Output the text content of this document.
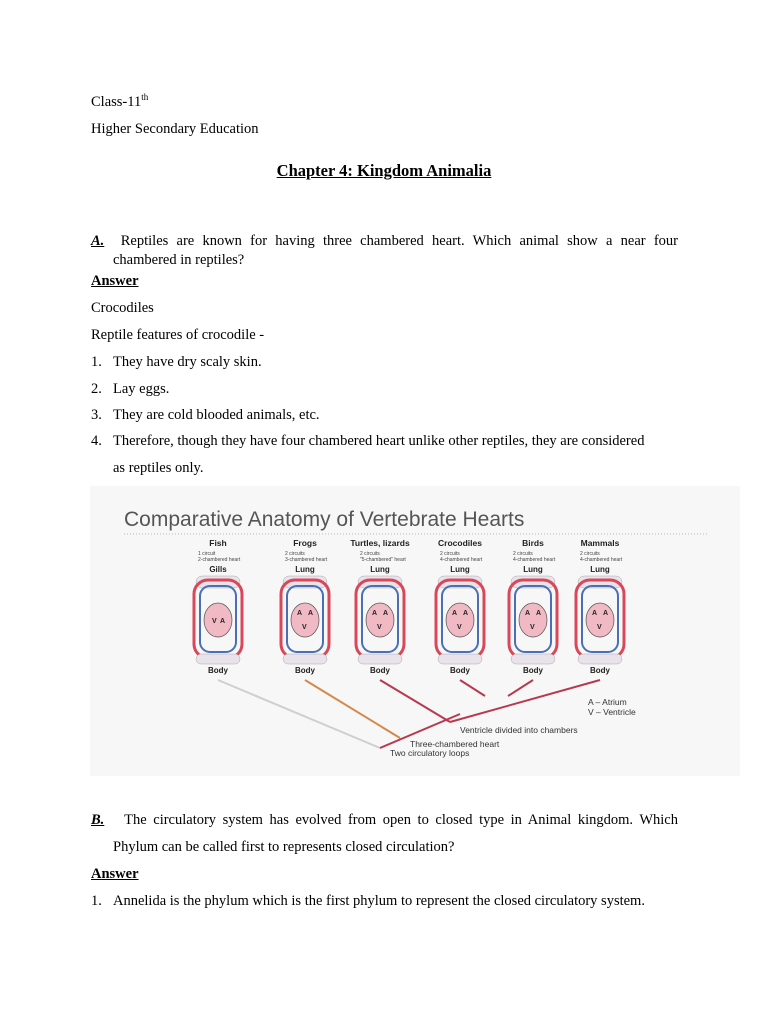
Class-11th
Higher Secondary Education
Chapter 4: Kingdom Animalia
A. Reptiles are known for having three chambered heart. Which animal show a near four
chambered in reptiles?
Answer
Crocodiles
Reptile features of crocodile -
1. They have dry scaly skin.
2. Lay eggs.
3. They are cold blooded animals, etc.
4. Therefore, though they have four chambered heart unlike other reptiles, they are considered
as reptiles only.
Comparative Anatomy of Vertebrate Hearts
Fish
1 circuit
2-chambered heart
Gills
V A
Body
Frogs
2 circuits
3-chambered heart
Lung
A A
V
Body
Turtles, lizards
2 circuits
"5-chambered" heart
Lung
A A
V
Body
Crocodiles
2 circuits
4-chambered heart
Lung
A A
V
Body
Birds
2 circuits
4-chambered heart
Lung
A A
V
Body
Mammals
2 circuits
4-chambered heart
Lung
A A
V
Body
A – Atrium
V – Ventricle
Ventricle divided into chambers
Three-chambered heart
Two circulatory loops
B. The circulatory system has evolved from open to closed type in Animal kingdom. Which
Phylum can be called first to represents closed circulation?
Answer
1. Annelida is the phylum which is the first phylum to represent the closed circulatory system.
